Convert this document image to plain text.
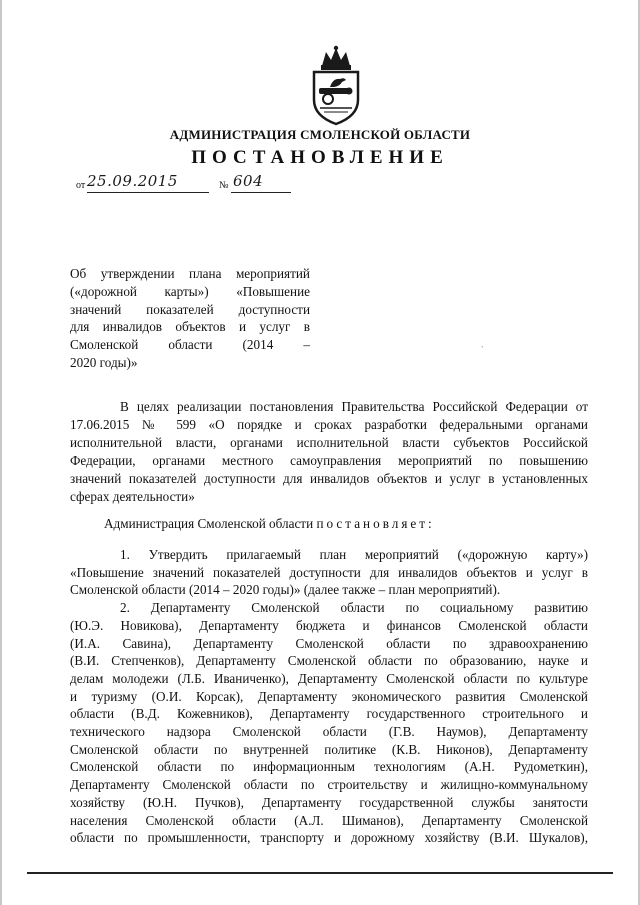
АДМИНИСТРАЦИЯ СМОЛЕНСКОЙ ОБЛАСТИ
ПОСТАНОВЛЕНИЕ
от 25.09.2015	№ 604
Об утверждении плана мероприятий
(«дорожной карты») «Повышение
значений показателей доступности
для инвалидов объектов и услуг в
Смоленской области (2014 –
2020 годы)»
`
В целях реализации постановления Правительства Российской Федерации от
17.06.2015 № 599 «О порядке и сроках разработки федеральными органами
исполнительной власти, органами исполнительной власти субъектов Российской
Федерации, органами местного самоуправления мероприятий по повышению
значений показателей доступности для инвалидов объектов и услуг в установленных
сферах деятельности»
Администрация Смоленской области постановляет:
1. Утвердить прилагаемый план мероприятий («дорожную карту»)
«Повышение значений показателей доступности для инвалидов объектов и услуг в
Смоленской области (2014 – 2020 годы)» (далее также – план мероприятий).
2. Департаменту Смоленской области по социальному развитию
(Ю.Э. Новикова), Департаменту бюджета и финансов Смоленской области
(И.А. Савина), Департаменту Смоленской области по здравоохранению
(В.И. Степченков), Департаменту Смоленской области по образованию, науке и
делам молодежи (Л.Б. Иваниченко), Департаменту Смоленской области по культуре
и туризму (О.И. Корсак), Департаменту экономического развития Смоленской
области (В.Д. Кожевников), Департаменту государственного строительного и
технического надзора Смоленской области (Г.В. Наумов), Департаменту
Смоленской области по внутренней политике (К.В. Никонов), Департаменту
Смоленской области по информационным технологиям (А.Н. Рудометкин),
Департаменту Смоленской области по строительству и жилищно-коммунальному
хозяйству (Ю.Н. Пучков), Департаменту государственной службы занятости
населения Смоленской области (А.Л. Шиманов), Департаменту Смоленской
области по промышленности, транспорту и дорожному хозяйству (В.И. Шукалов),
